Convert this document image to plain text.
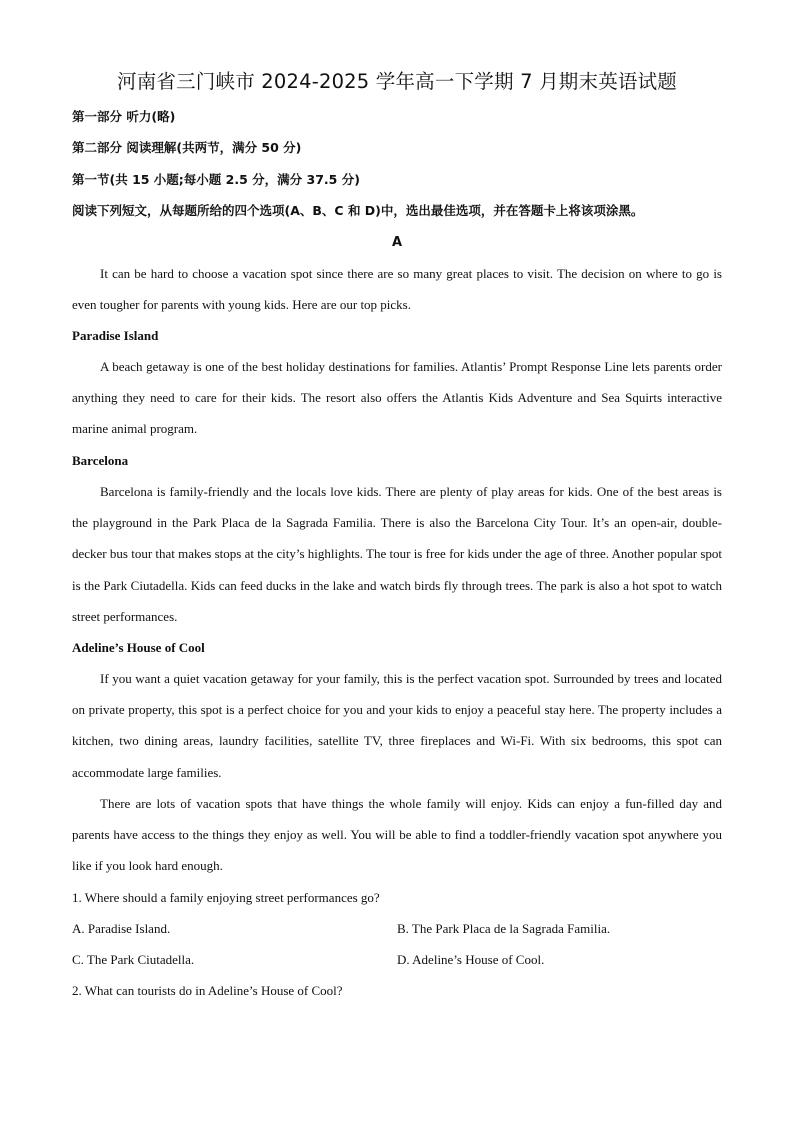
河南省三门峡市 2024-2025 学年高一下学期 7 月期末英语试题
第一部分 听力(略)
第二部分 阅读理解(共两节，满分 50 分)
第一节(共 15 小题;每小题 2.5 分，满分 37.5 分)
阅读下列短文，从每题所给的四个选项(A、B、C 和 D)中，选出最佳选项，并在答题卡上将该项涂黑。
A
It can be hard to choose a vacation spot since there are so many great places to visit. The decision on where to go is even tougher for parents with young kids. Here are our top picks.
Paradise Island
A beach getaway is one of the best holiday destinations for families. Atlantis’ Prompt Response Line lets parents order anything they need to care for their kids. The resort also offers the Atlantis Kids Adventure and Sea Squirts interactive marine animal program.
Barcelona
Barcelona is family-friendly and the locals love kids. There are plenty of play areas for kids. One of the best areas is the playground in the Park Placa de la Sagrada Familia. There is also the Barcelona City Tour. It’s an open-air, double-decker bus tour that makes stops at the city’s highlights. The tour is free for kids under the age of three. Another popular spot is the Park Ciutadella. Kids can feed ducks in the lake and watch birds fly through trees. The park is also a hot spot to watch street performances.
Adeline’s House of Cool
If you want a quiet vacation getaway for your family, this is the perfect vacation spot. Surrounded by trees and located on private property, this spot is a perfect choice for you and your kids to enjoy a peaceful stay here. The property includes a kitchen, two dining areas, laundry facilities, satellite TV, three fireplaces and Wi-Fi. With six bedrooms, this spot can accommodate large families.
There are lots of vacation spots that have things the whole family will enjoy. Kids can enjoy a fun-filled day and parents have access to the things they enjoy as well. You will be able to find a toddler-friendly vacation spot anywhere you like if you look hard enough.
1. Where should a family enjoying street performances go?
A. Paradise Island.	B. The Park Placa de la Sagrada Familia.
C. The Park Ciutadella.	D. Adeline’s House of Cool.
2. What can tourists do in Adeline’s House of Cool?
